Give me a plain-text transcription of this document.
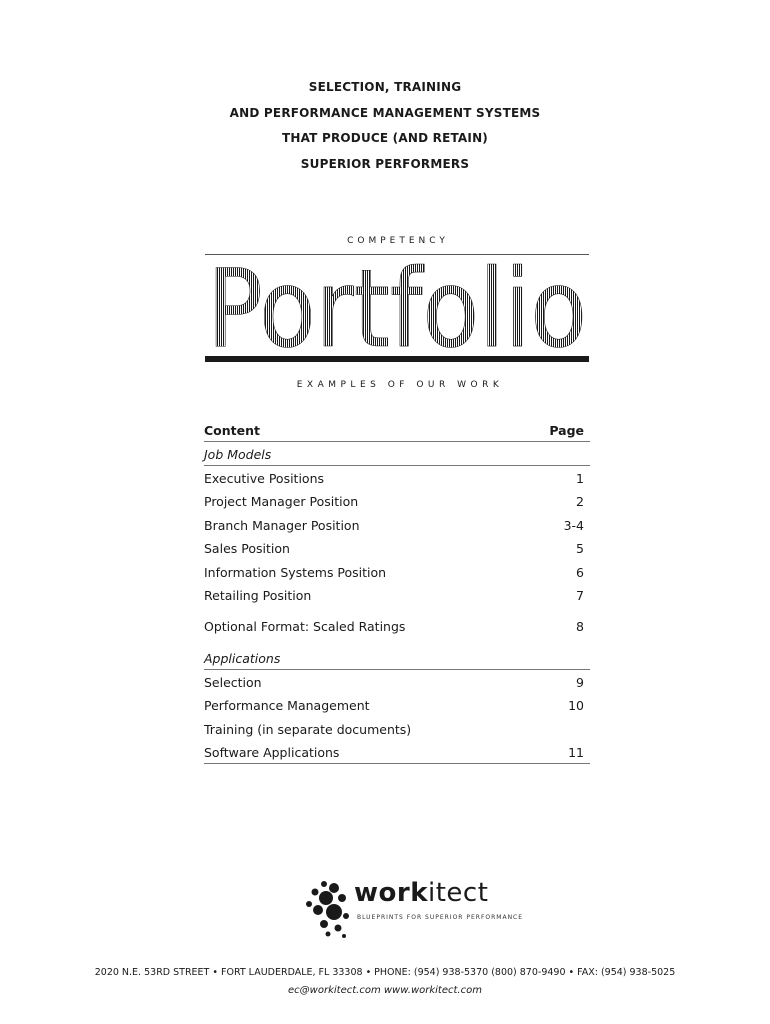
SELECTION, TRAINING
AND PERFORMANCE MANAGEMENT SYSTEMS
THAT PRODUCE (AND RETAIN)
SUPERIOR PERFORMERS
COMPETENCY
Portfolio
EXAMPLES OF OUR WORK
Content	Page
Job Models
Executive Positions	1
Project Manager Position	2
Branch Manager Position	3-4
Sales Position	5
Information Systems Position	6
Retailing Position	7
Optional Format: Scaled Ratings	8
Applications
Selection	9
Performance Management	10
Training (in separate documents)
Software Applications	11
workitect
BLUEPRINTS FOR SUPERIOR PERFORMANCE
2020 N.E. 53RD STREET • FORT LAUDERDALE, FL 33308 • PHONE: (954) 938-5370 (800) 870-9490 • FAX: (954) 938-5025
ec@workitect.com www.workitect.com
